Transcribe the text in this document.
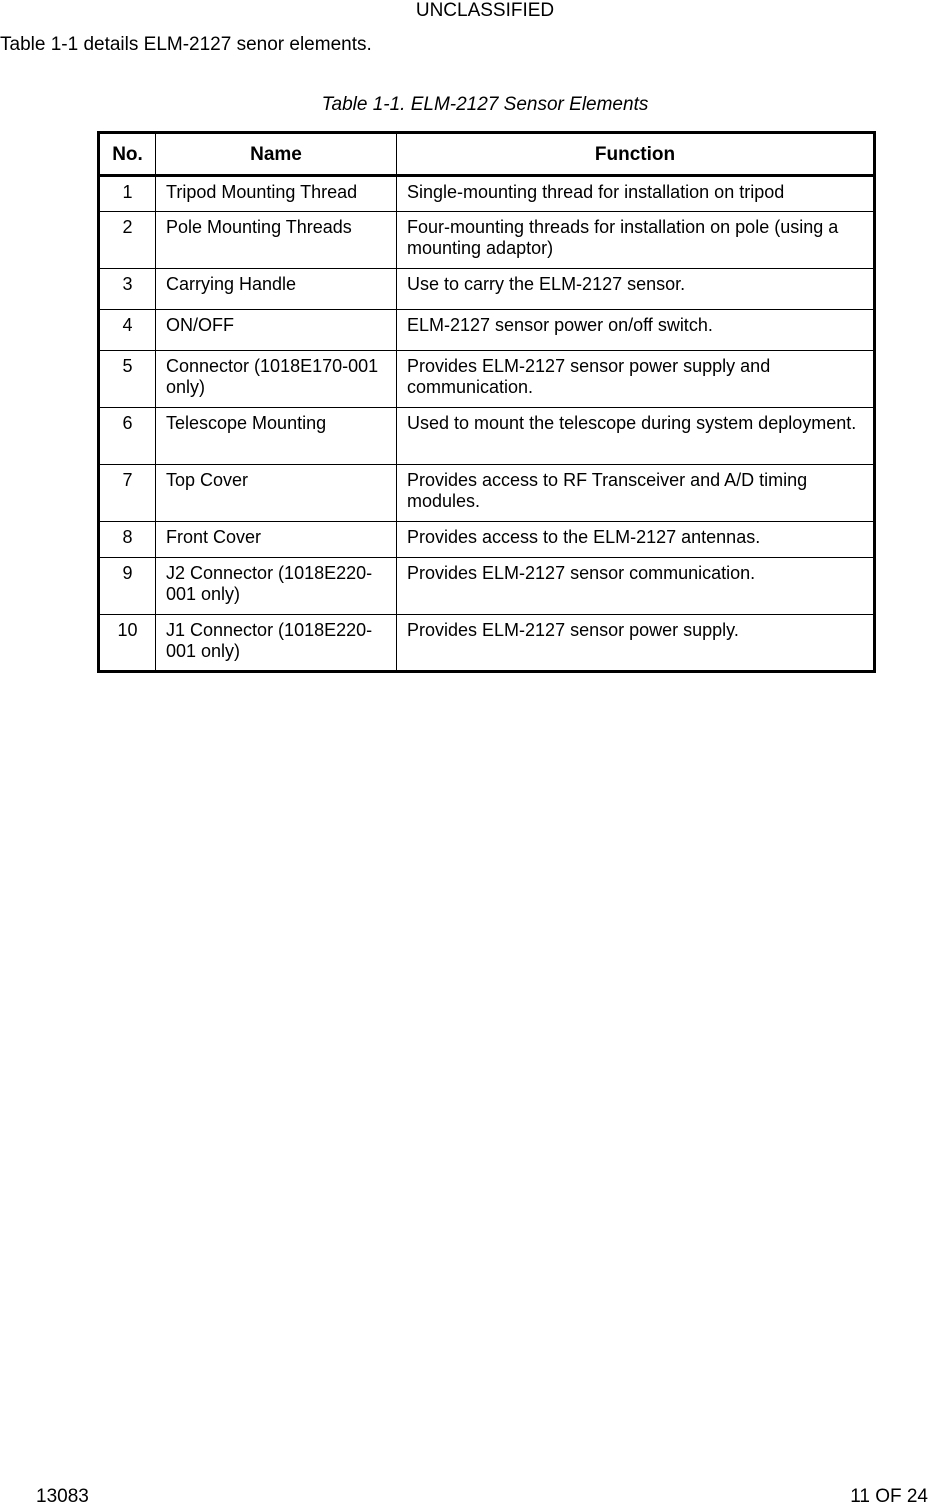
UNCLASSIFIED
Table 1-1 details ELM-2127 senor elements.
Table 1-1. ELM-2127 Sensor Elements
No.	Name	Function
1	Tripod Mounting Thread	Single-mounting thread for installation on tripod
2	Pole Mounting Threads	Four-mounting threads for installation on pole (using a mounting adaptor)
3	Carrying Handle	Use to carry the ELM-2127 sensor.
4	ON/OFF	ELM-2127 sensor power on/off switch.
5	Connector (1018E170-001 only)	Provides ELM-2127 sensor power supply and communication.
6	Telescope Mounting	Used to mount the telescope during system deployment.
7	Top Cover	Provides access to RF Transceiver and A/D timing modules.
8	Front Cover	Provides access to the ELM-2127 antennas.
9	J2 Connector (1018E220-001 only)	Provides ELM-2127 sensor communication.
10	J1 Connector (1018E220-001 only)	Provides ELM-2127 sensor power supply.
13083	11 OF 24
